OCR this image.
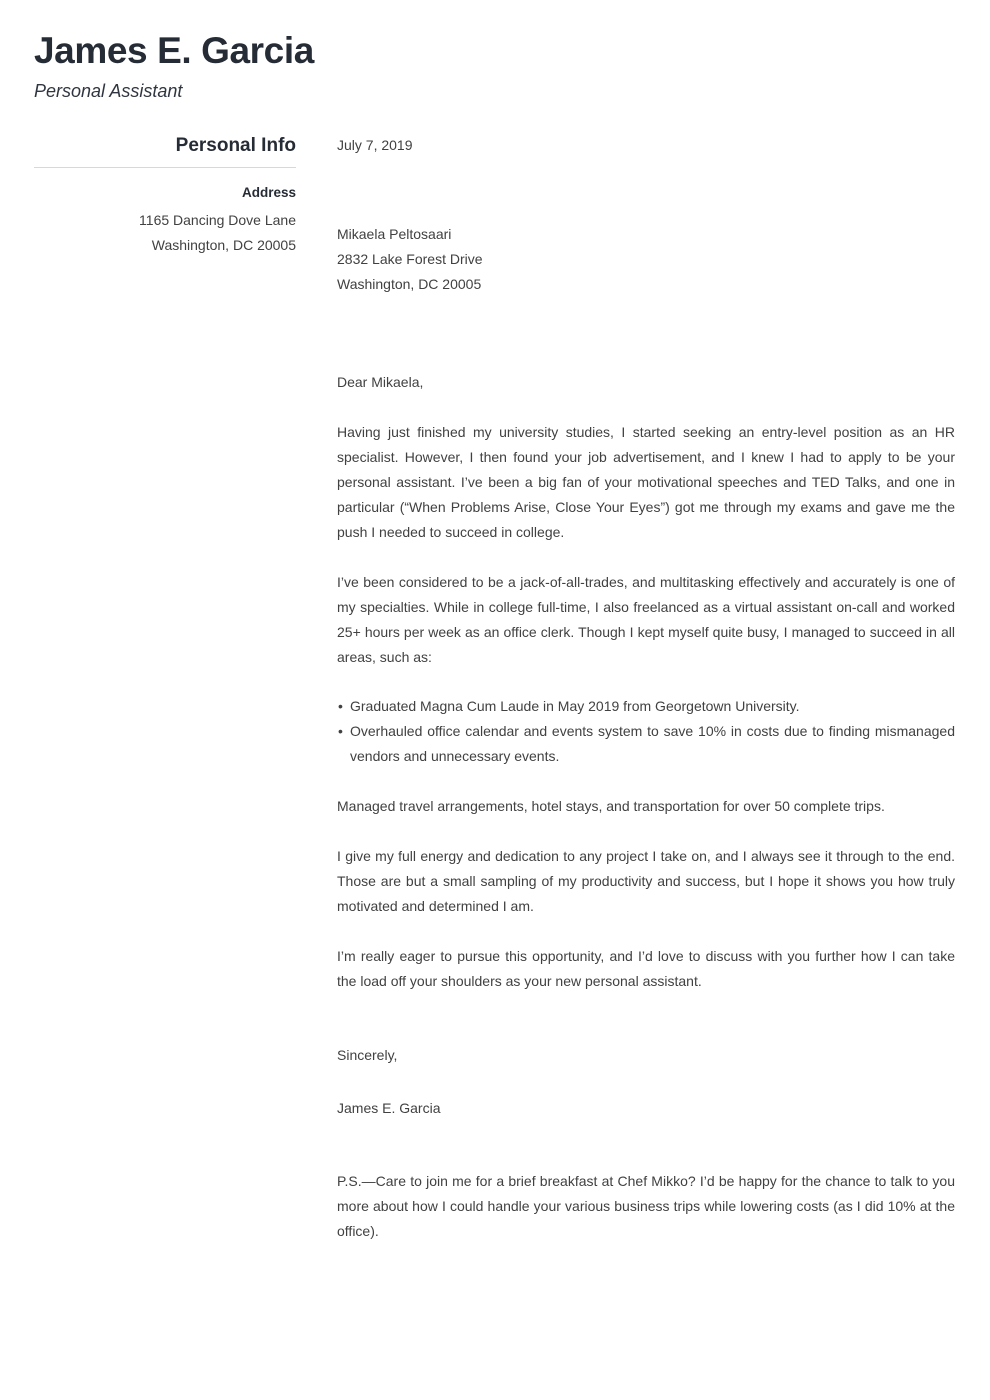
James E. Garcia

Personal Assistant

Personal Info
Address
1165 Dancing Dove Lane
Washington, DC 20005

July 7, 2019

Mikaela Peltosaari
2832 Lake Forest Drive
Washington, DC 20005

Dear Mikaela,

Having just finished my university studies, I started seeking an entry-level position as an HR specialist. However, I then found your job advertisement, and I knew I had to apply to be your personal assistant. I’ve been a big fan of your motivational speeches and TED Talks, and one in particular (“When Problems Arise, Close Your Eyes”) got me through my exams and gave me the push I needed to succeed in college.

I’ve been considered to be a jack-of-all-trades, and multitasking effectively and accurately is one of my specialties. While in college full-time, I also freelanced as a virtual assistant on-call and worked 25+ hours per week as an office clerk. Though I kept myself quite busy, I managed to succeed in all areas, such as:

• Graduated Magna Cum Laude in May 2019 from Georgetown University.
• Overhauled office calendar and events system to save 10% in costs due to finding mismanaged vendors and unnecessary events.

Managed travel arrangements, hotel stays, and transportation for over 50 complete trips.

I give my full energy and dedication to any project I take on, and I always see it through to the end. Those are but a small sampling of my productivity and success, but I hope it shows you how truly motivated and determined I am.

I’m really eager to pursue this opportunity, and I’d love to discuss with you further how I can take the load off your shoulders as your new personal assistant.

Sincerely,

James E. Garcia

P.S.—Care to join me for a brief breakfast at Chef Mikko? I’d be happy for the chance to talk to you more about how I could handle your various business trips while lowering costs (as I did 10% at the office).
